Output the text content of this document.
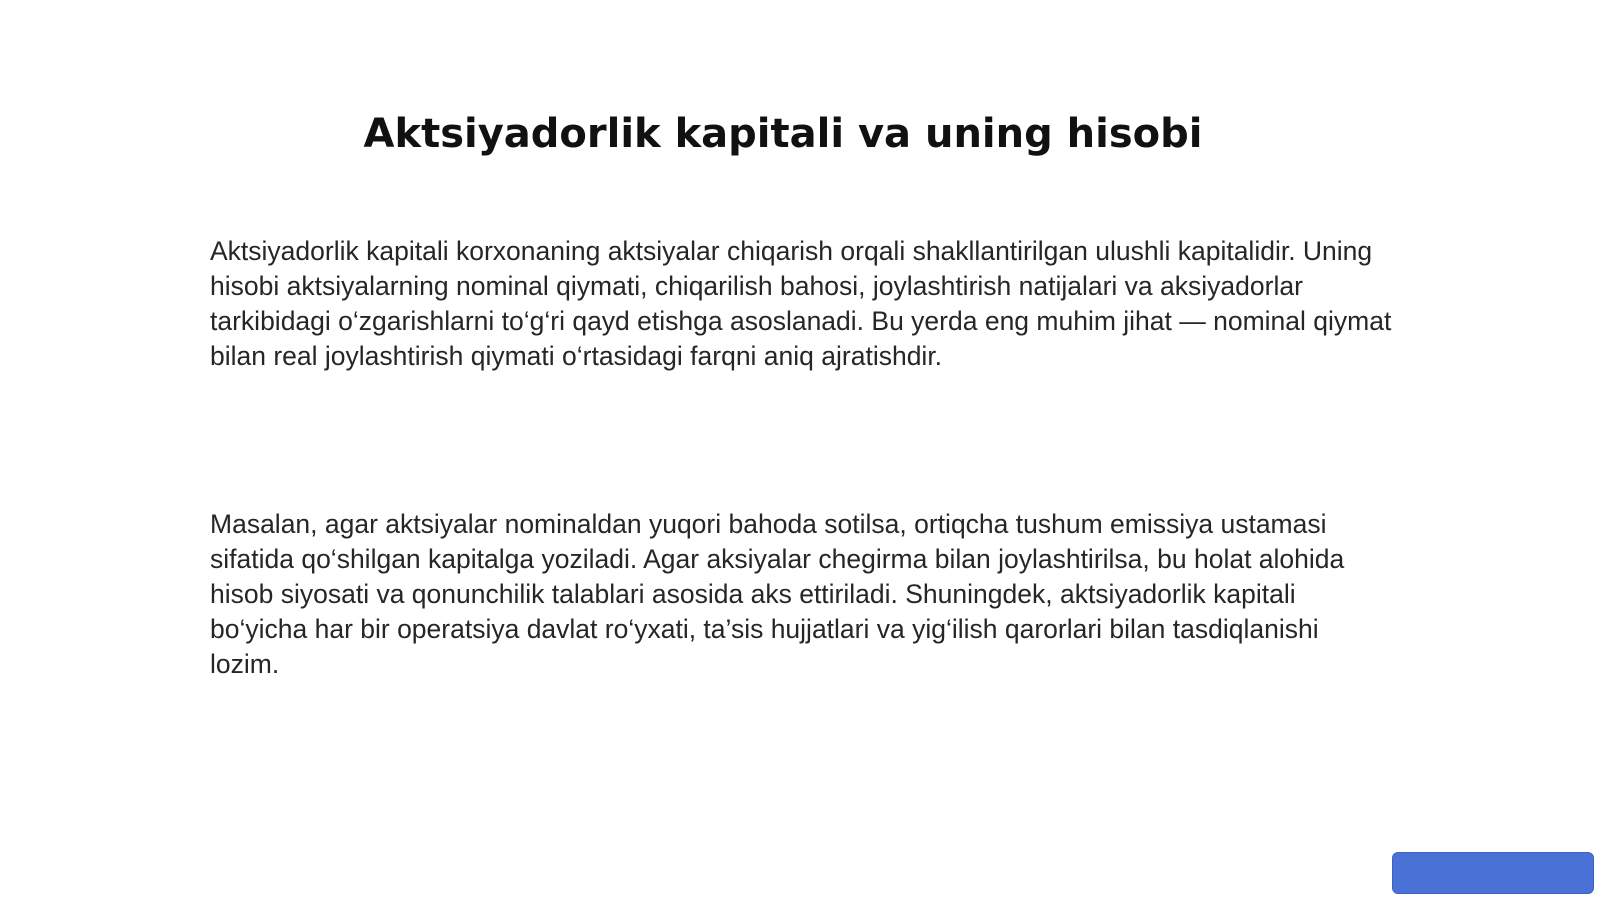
Aktsiyadorlik kapitali va uning hisobi

Aktsiyadorlik kapitali korxonaning aktsiyalar chiqarish orqali shakllantirilgan ulushli kapitalidir. Uning hisobi aktsiyalarning nominal qiymati, chiqarilish bahosi, joylashtirish natijalari va aksiyadorlar tarkibidagi o‘zgarishlarni to‘g‘ri qayd etishga asoslanadi. Bu yerda eng muhim jihat — nominal qiymat bilan real joylashtirish qiymati o‘rtasidagi farqni aniq ajratishdir.

Masalan, agar aktsiyalar nominaldan yuqori bahoda sotilsa, ortiqcha tushum emissiya ustamasi sifatida qo‘shilgan kapitalga yoziladi. Agar aksiyalar chegirma bilan joylashtirilsa, bu holat alohida hisob siyosati va qonunchilik talablari asosida aks ettiriladi. Shuningdek, aktsiyadorlik kapitali bo‘yicha har bir operatsiya davlat ro‘yxati, ta’sis hujjatlari va yig‘ilish qarorlari bilan tasdiqlanishi lozim.
